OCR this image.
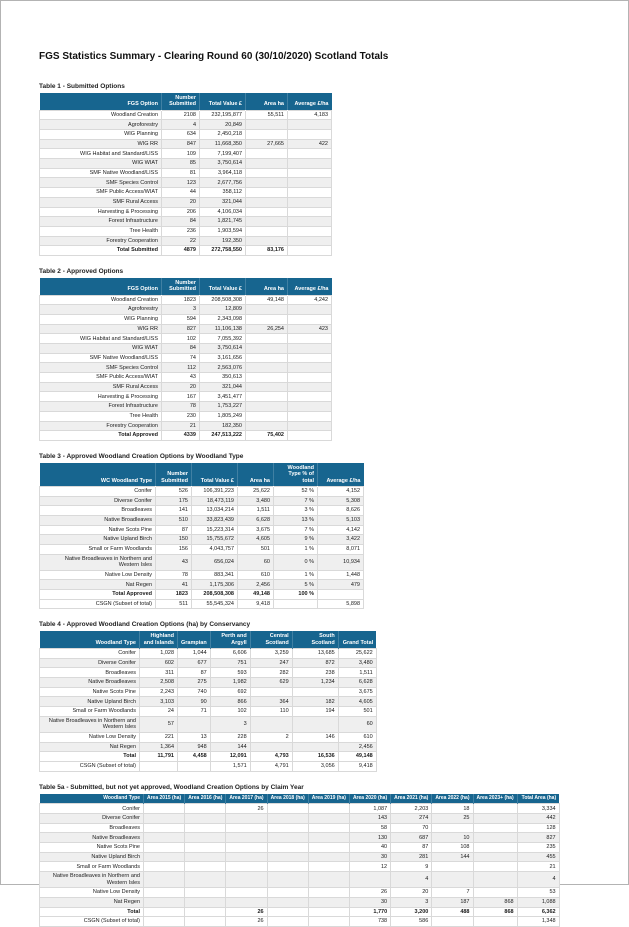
FGS Statistics Summary - Clearing Round 60 (30/10/2020) Scotland Totals
Table 1 - Submitted Options
FGS Option	Number Submitted	Total Value £	Area ha	Average £/ha
Woodland Creation	2108	232,195,877	55,511	4,183
Agroforestry	4	20,849		
WIG Planning	634	2,450,218		
WIG RR	847	11,668,350	27,665	422
WIG Habitat and Standard/LISS	109	7,199,407		
WIG WIAT	85	3,750,614		
SMF Native Woodland/LISS	81	3,964,118		
SMF Species Control	123	2,677,756		
SMF Public Access/WIAT	44	358,112		
SMF Rural Access	20	321,044		
Harvesting & Processing	206	4,106,034		
Forest Infrastructure	84	1,821,745		
Tree Health	236	1,903,594		
Forestry Cooperation	22	192,350		
Total Submitted	4879	272,758,550	83,176	
Table 2 - Approved Options
FGS Option	Number Submitted	Total Value £	Area ha	Average £/ha
Woodland Creation	1823	208,508,308	49,148	4,242
Agroforestry	3	12,809		
WIG Planning	594	2,343,098		
WIG RR	827	11,106,138	26,254	423
WIG Habitat and Standard/LISS	102	7,055,392		
WIG WIAT	84	3,750,614		
SMF Native Woodland/LISS	74	3,161,656		
SMF Species Control	112	2,563,076		
SMF Public Access/WIAT	43	350,613		
SMF Rural Access	20	321,044		
Harvesting & Processing	167	3,451,477		
Forest Infrastructure	78	1,753,227		
Tree Health	230	1,805,249		
Forestry Cooperation	21	182,350		
Total Approved	4339	247,513,222	75,402	
Table 3 - Approved Woodland Creation Options by Woodland Type
WC Woodland Type	Number Submitted	Total Value £	Area ha	Woodland Type % of total	Average £/ha
Conifer	526	106,391,223	25,622	52 %	4,152
Diverse Conifer	175	18,473,119	3,480	7 %	5,308
Broadleaves	141	13,034,214	1,511	3 %	8,626
Native Broadleaves	510	33,823,439	6,628	13 %	5,103
Native Scots Pine	87	15,223,314	3,675	7 %	4,142
Native Upland Birch	150	15,755,672	4,605	9 %	3,422
Small or Farm Woodlands	156	4,043,757	501	1 %	8,071
Native Broadleaves in Northern and Western Isles	43	656,024	60	0 %	10,934
Native Low Density	78	883,341	610	1 %	1,448
Nat Regen	41	1,175,306	2,456	5 %	479
Total Approved	1823	208,508,308	49,148	100 %	
CSGN (Subset of total)	511	55,545,324	9,418		5,898
Table 4 - Approved Woodland Creation Options (ha) by Conservancy
Woodland Type	Highland and Islands	Grampian	Perth and Argyll	Central Scotland	South Scotland	Grand Total
Conifer	1,028	1,044	6,606	3,259	13,685	25,622
Diverse Conifer	602	677	751	247	872	3,480
Broadleaves	311	87	593	282	238	1,511
Native Broadleaves	2,508	275	1,982	629	1,234	6,628
Native Scots Pine	2,243	740	692			3,675
Native Upland Birch	3,103	90	866	364	182	4,605
Small or Farm Woodlands	24	71	102	110	194	501
Native Broadleaves in Northern and Western Isles	57		3			60
Native Low Density	221	13	228	2	146	610
Nat Regen	1,364	948	144			2,456
Total	11,791	4,458	12,091	4,793	16,536	49,148
CSGN (Subset of total)			1,571	4,791	3,056	9,418
Table 5a - Submitted, but not yet approved, Woodland Creation Options by Claim Year
Woodland Type	Area 2015 (ha)	Area 2016 (ha)	Area 2017 (ha)	Area 2018 (ha)	Area 2019 (ha)	Area 2020 (ha)	Area 2021 (ha)	Area 2022 (ha)	Area 2023+ (ha)	Total Area (ha)
Conifer			26			1,087	2,203	18		3,334
Diverse Conifer						143	274	25		442
Broadleaves						58	70			128
Native Broadleaves						130	687	10		827
Native Scots Pine						40	87	108		235
Native Upland Birch						30	281	144		455
Small or Farm Woodlands						12	9			21
Native Broadleaves in Northern and Western Isles							4			4
Native Low Density						26	20	7		53
Nat Regen						30	3	187	868	1,088
Total			26			1,770	3,200	488	868	6,362
CSGN (Subset of total)			26			738	586			1,348
